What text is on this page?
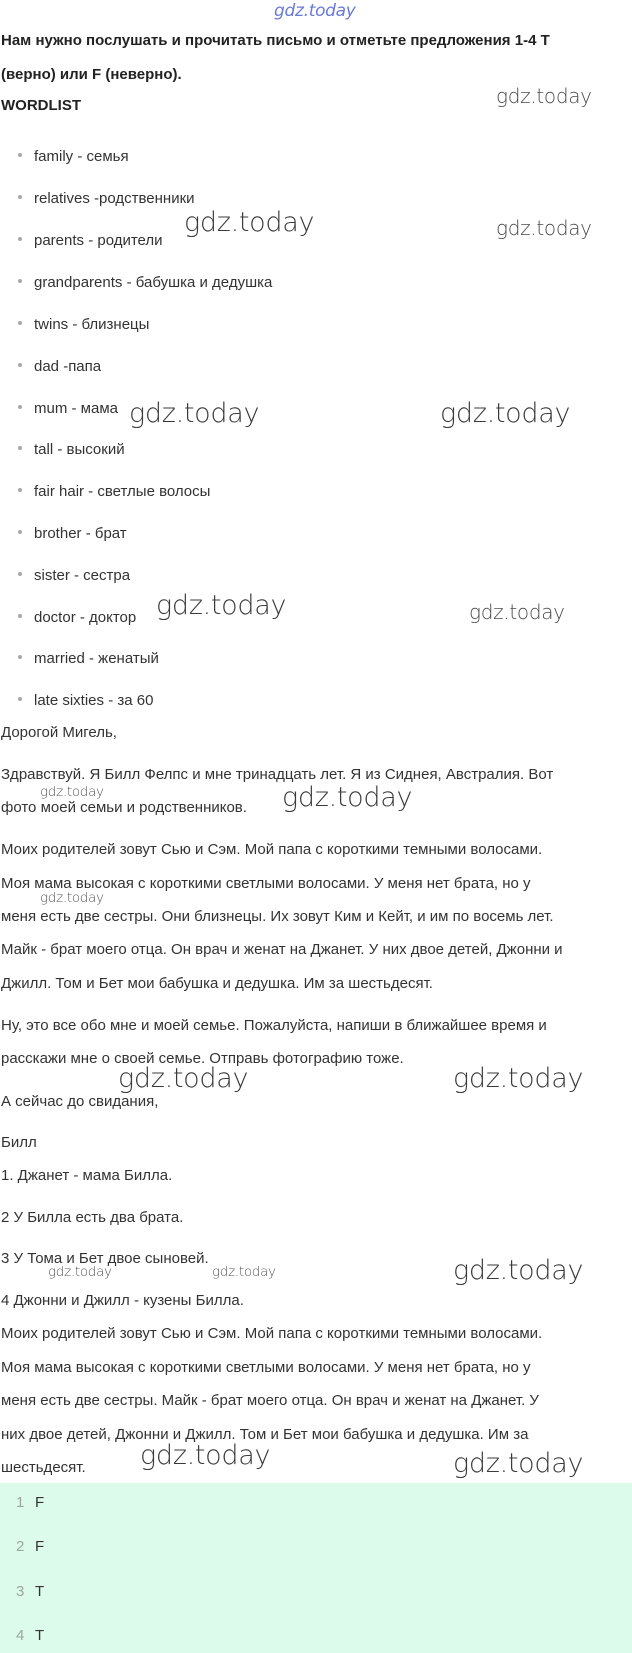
gdz.today
Нам нужно послушать и прочитать письмо и отметьте предложения 1-4 T
(верно) или F (неверно).
WORDLIST
family - семья
relatives -родственники
parents - родители
grandparents - бабушка и дедушка
twins - близнецы
dad -папа
mum - мама
tall - высокий
fair hair - светлые волосы
brother - брат
sister - сестра
doctor - доктор
married - женатый
late sixties - за 60
Дорогой Мигель,
Здравствуй. Я Билл Фелпс и мне тринадцать лет. Я из Сиднея, Австралия. Вот
фото моей семьи и родственников.
Моих родителей зовут Сью и Сэм. Мой папа с короткими темными волосами.
Моя мама высокая с короткими светлыми волосами. У меня нет брата, но у
меня есть две сестры. Они близнецы. Их зовут Ким и Кейт, и им по восемь лет.
Майк - брат моего отца. Он врач и женат на Джанет. У них двое детей, Джонни и
Джилл. Том и Бет мои бабушка и дедушка. Им за шестьдесят.
Ну, это все обо мне и моей семье. Пожалуйста, напиши в ближайшее время и
расскажи мне о своей семье. Отправь фотографию тоже.
А сейчас до свидания,
Билл
1. Джанет - мама Билла.
2 У Билла есть два брата.
3 У Тома и Бет двое сыновей.
4 Джонни и Джилл - кузены Билла.
Моих родителей зовут Сью и Сэм. Мой папа с короткими темными волосами.
Моя мама высокая с короткими светлыми волосами. У меня нет брата, но у
меня есть две сестры. Майк - брат моего отца. Он врач и женат на Джанет. У
них двое детей, Джонни и Джилл. Том и Бет мои бабушка и дедушка. Им за
шестьдесят.
1 F
2 F
3 T
4 T
gdz.today
gdz.today	gdz.today
gdz.today	gdz.today
gdz.today	gdz.today
gdz.today	gdz.today
gdz.today
gdz.today	gdz.today
gdz.today	gdz.today	gdz.today
gdz.today	gdz.today
